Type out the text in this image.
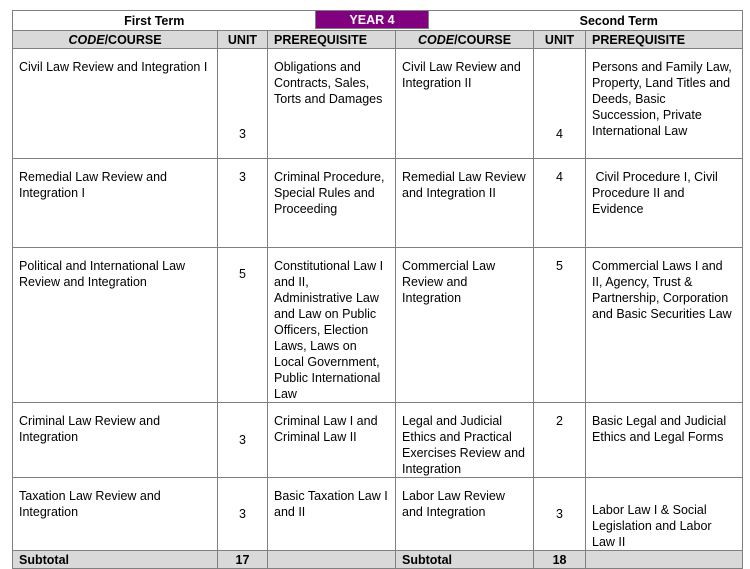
First Term			Second Term		
CODE/COURSE	UNIT	PREREQUISITE	CODE/COURSE	UNIT	PREREQUISITE
Civil Law Review and Integration I	3	Obligations and Contracts, Sales, Torts and Damages	Civil Law Review and Integration II	4	Persons and Family Law, Property, Land Titles and Deeds, Basic Succession, Private International Law
Remedial Law Review and Integration I	3	Criminal Procedure, Special Rules and Proceeding	Remedial Law Review and Integration II	4	Civil Procedure I, Civil Procedure II and Evidence
Political and International Law Review and Integration	5	Constitutional Law I and II, Administrative Law and Law on Public Officers, Election Laws, Laws on Local Government, Public International Law	Commercial Law Review and Integration	5	Commercial Laws I and II, Agency, Trust & Partnership, Corporation and Basic Securities Law
Criminal Law Review and Integration	3	Criminal Law I and Criminal Law II	Legal and Judicial Ethics and Practical Exercises Review and Integration	2	Basic Legal and Judicial Ethics and Legal Forms
Taxation Law Review and Integration	3	Basic Taxation Law I and II	Labor Law Review and Integration	3	Labor Law I & Social Legislation and Labor Law II
Subtotal	17		Subtotal	18	
YEAR 4
